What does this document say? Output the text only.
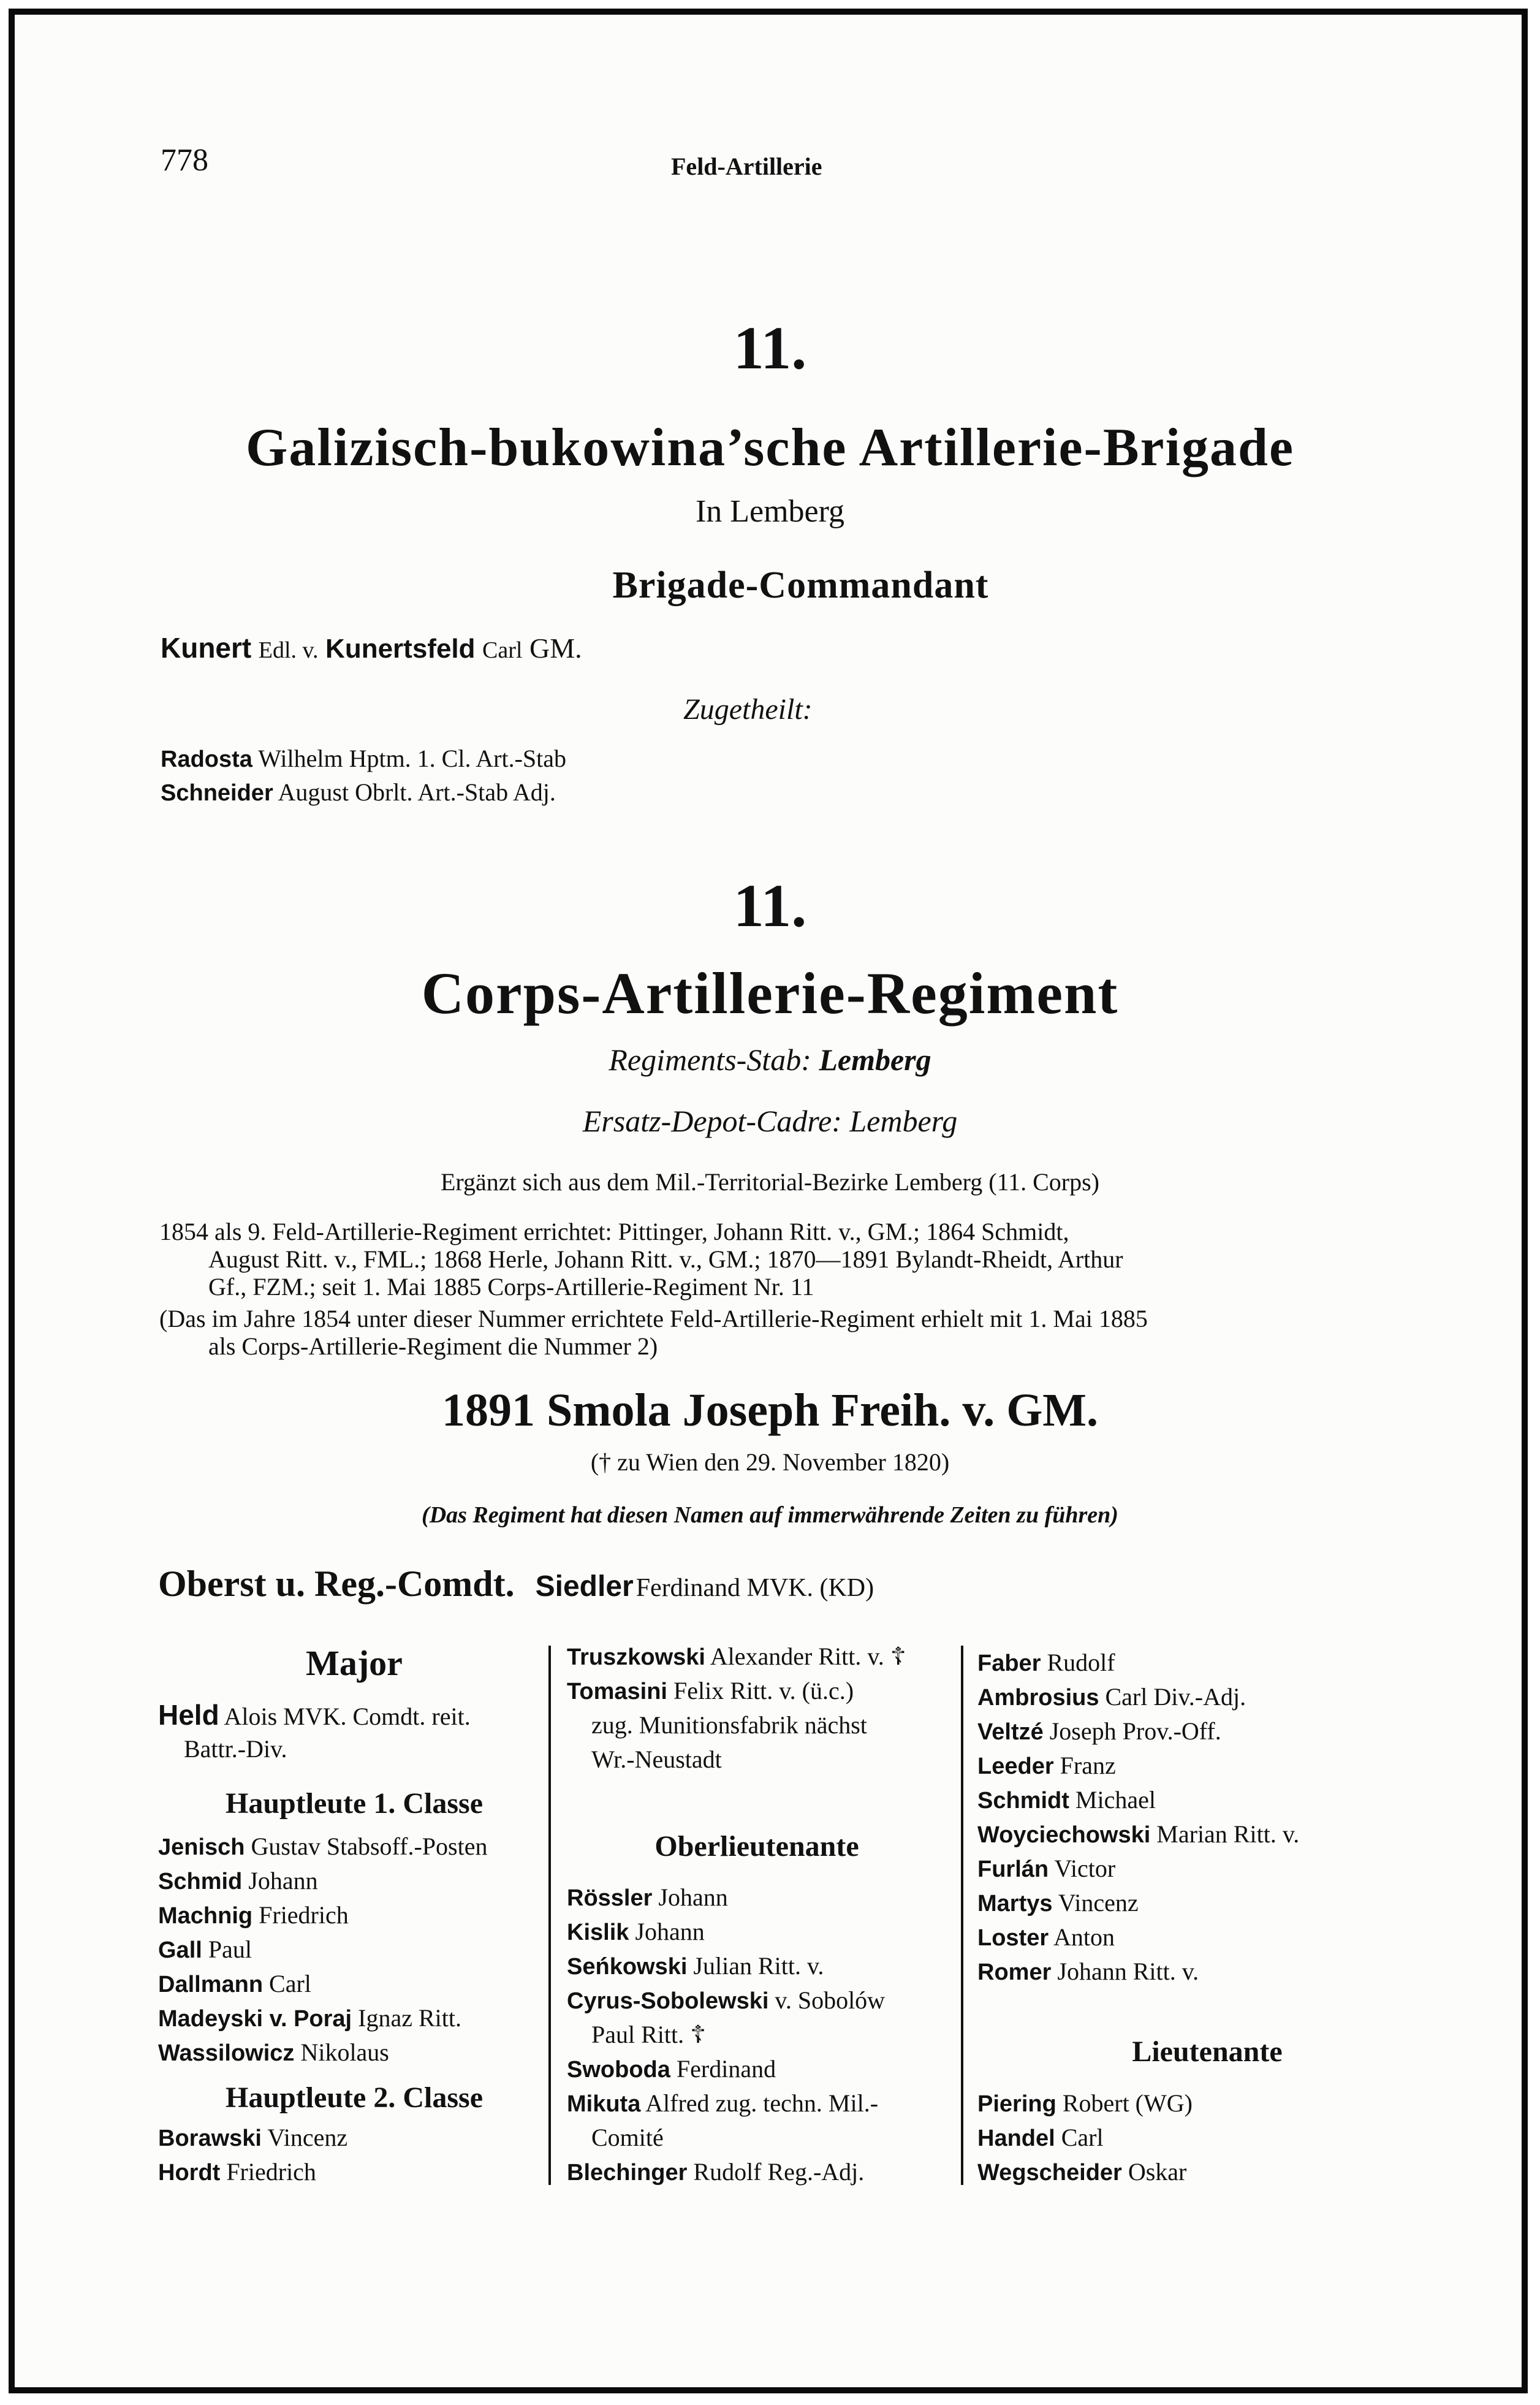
778	Feld-Artillerie
11.
Galizisch-bukowina’sche Artillerie-Brigade
In Lemberg
Brigade-Commandant
Kunert Edl. v. Kunertsfeld Carl GM.
Zugetheilt:
Radosta Wilhelm Hptm. 1. Cl. Art.-Stab
Schneider August Obrlt. Art.-Stab Adj.
11.
Corps-Artillerie-Regiment
Regiments-Stab: Lemberg
Ersatz-Depot-Cadre: Lemberg
Ergänzt sich aus dem Mil.-Territorial-Bezirke Lemberg (11. Corps)
1854 als 9. Feld-Artillerie-Regiment errichtet: Pittinger, Johann Ritt. v., GM.; 1864 Schmidt,
August Ritt. v., FML.; 1868 Herle, Johann Ritt. v., GM.; 1870—1891 Bylandt-Rheidt, Arthur
Gf., FZM.; seit 1. Mai 1885 Corps-Artillerie-Regiment Nr. 11
(Das im Jahre 1854 unter dieser Nummer errichtete Feld-Artillerie-Regiment erhielt mit 1. Mai 1885
als Corps-Artillerie-Regiment die Nummer 2)
1891 Smola Joseph Freih. v. GM.
(† zu Wien den 29. November 1820)
(Das Regiment hat diesen Namen auf immerwährende Zeiten zu führen)
Oberst u. Reg.-Comdt. Siedler Ferdinand MVK. (KD)
Major
Held Alois MVK. Comdt. reit.
Battr.-Div.
Hauptleute 1. Classe
Jenisch Gustav Stabsoff.-Posten
Schmid Johann
Machnig Friedrich
Gall Paul
Dallmann Carl
Madeyski v. Poraj Ignaz Ritt.
Wassilowicz Nikolaus
Hauptleute 2. Classe
Borawski Vincenz
Hordt Friedrich
Truszkowski Alexander Ritt. v. ☦
Tomasini Felix Ritt. v. (ü.c.)
zug. Munitionsfabrik nächst
Wr.-Neustadt
Oberlieutenante
Rössler Johann
Kislik Johann
Seńkowski Julian Ritt. v.
Cyrus-Sobolewski v. Sobolów
Paul Ritt. ☦
Swoboda Ferdinand
Mikuta Alfred zug. techn. Mil.-
Comité
Blechinger Rudolf Reg.-Adj.
Faber Rudolf
Ambrosius Carl Div.-Adj.
Veltzé Joseph Prov.-Off.
Leeder Franz
Schmidt Michael
Woyciechowski Marian Ritt. v.
Furlán Victor
Martys Vincenz
Loster Anton
Romer Johann Ritt. v.
Lieutenante
Piering Robert (WG)
Handel Carl
Wegscheider Oskar
